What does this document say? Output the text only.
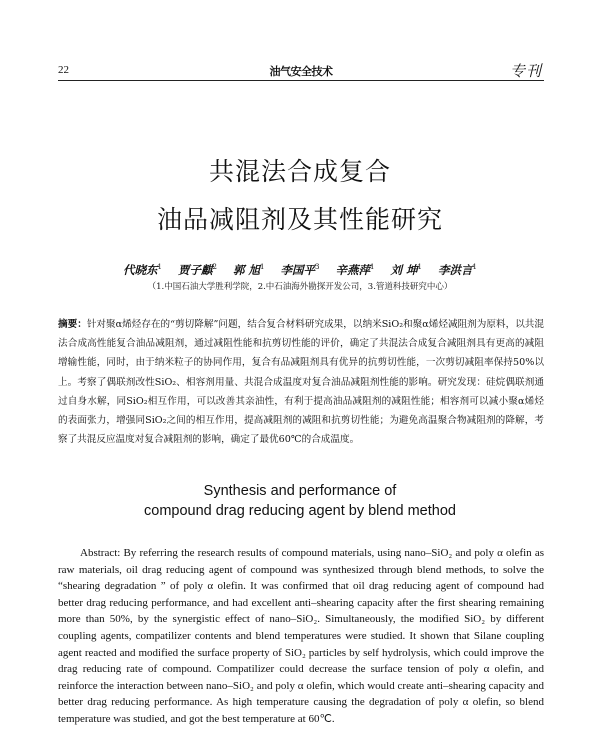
22	油气安全技术	专刊
共混法合成复合
油品减阻剂及其性能研究
代晓东$^1$ 贾子麒$^2$ 郭 旭$^1$ 李国平$^3$ 辛燕萍$^1$ 刘 坤$^1$ 李洪言$^1$
（1.中国石油大学胜利学院，2.中石油海外勘探开发公司，3.管道科技研究中心）
摘要：针对聚α烯烃存在的“剪切降解”问题，结合复合材料研究成果，以纳米SiO₂和聚α烯烃减阻剂为原料，以共混法合成高性能复合油品减阻剂，通过减阻性能和抗剪切性能的评价，确定了共混法合成复合减阻剂具有更高的减阻增输性能，同时，由于纳米粒子的协同作用，复合有品减阻剂具有优异的抗剪切性能，一次剪切减阻率保持50%以上。考察了偶联剂改性SiO₂、相容剂用量、共混合成温度对复合油品减阻剂性能的影响。研究发现：硅烷偶联剂通过自身水解，同SiO₂相互作用，可以改善其亲油性，有利于提高油品减阻剂的减阻性能；相容剂可以减小聚α烯烃的表面张力，增强同SiO₂之间的相互作用，提高减阻剂的减阻和抗剪切性能；为避免高温聚合物减阻剂的降解，考察了共混反应温度对复合减阻剂的影响，确定了最优60℃的合成温度。
Synthesis and performance of
compound drag reducing agent by blend method
Abstract: By referring the research results of compound materials, using nano–SiO₂ and poly α olefin as raw materials, oil drag reducing agent of compound was synthesized through blend methods, to solve the “shearing degradation ” of poly α olefin. It was confirmed that oil drag reducing agent of compound had better drag reducing performance, and had excellent anti–shearing capacity after the first shearing remaining more than 50%, by the synergistic effect of nano–SiO₂. Simultaneously, the modified SiO₂ by different coupling agents, compatilizer contents and blend temperatures were studied. It shown that Silane coupling agent reacted and modified the surface property of SiO₂ particles by self hydrolysis, which could improve the drag reducing rate of compound. Compatilizer could decrease the surface tension of poly α olefin, and reinforce the interaction between nano–SiO₂ and poly α olefin, which would create anti–shearing capacity and better drag reducing performance. As high temperature causing the degradation of poly α olefin, so blend temperature was studied, and got the best temperature at 60℃.
